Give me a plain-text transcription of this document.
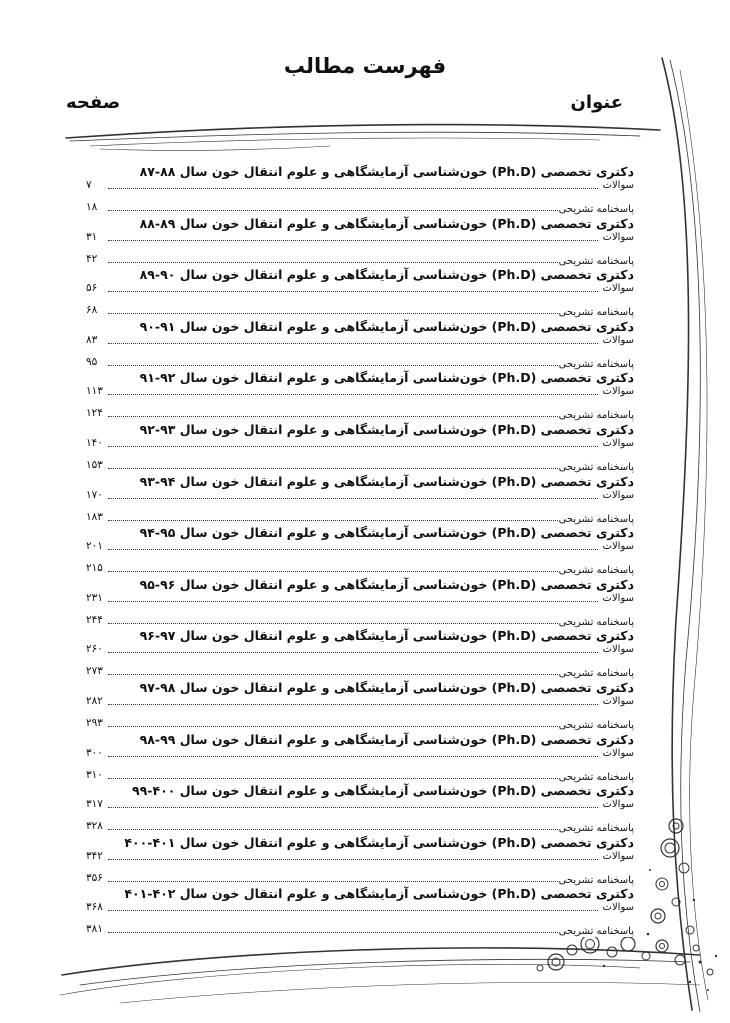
فهرست مطالب
عنوان
صفحه
دکتری تخصصی (Ph.D) خون‌شناسی آزمایشگاهی و علوم انتقال خون سال ۸۸-۸۷
سوالات
۷
پاسخنامه تشریحی
۱۸
دکتری تخصصی (Ph.D) خون‌شناسی آزمایشگاهی و علوم انتقال خون سال ۸۹-۸۸
سوالات
۳۱
پاسخنامه تشریحی
۴۲
دکتری تخصصی (Ph.D) خون‌شناسی آزمایشگاهی و علوم انتقال خون سال ۹۰-۸۹
سوالات
۵۶
پاسخنامه تشریحی
۶۸
دکتری تخصصی (Ph.D) خون‌شناسی آزمایشگاهی و علوم انتقال خون سال ۹۱-۹۰
سوالات
۸۳
پاسخنامه تشریحی
۹۵
دکتری تخصصی (Ph.D) خون‌شناسی آزمایشگاهی و علوم انتقال خون سال ۹۲-۹۱
سوالات
۱۱۳
پاسخنامه تشریحی
۱۲۴
دکتری تخصصی (Ph.D) خون‌شناسی آزمایشگاهی و علوم انتقال خون سال ۹۳-۹۲
سوالات
۱۴۰
پاسخنامه تشریحی
۱۵۳
دکتری تخصصی (Ph.D) خون‌شناسی آزمایشگاهی و علوم انتقال خون سال ۹۴-۹۳
سوالات
۱۷۰
پاسخنامه تشریحی
۱۸۳
دکتری تخصصی (Ph.D) خون‌شناسی آزمایشگاهی و علوم انتقال خون سال ۹۵-۹۴
سوالات
۲۰۱
پاسخنامه تشریحی
۲۱۵
دکتری تخصصی (Ph.D) خون‌شناسی آزمایشگاهی و علوم انتقال خون سال ۹۶-۹۵
سوالات
۲۳۱
پاسخنامه تشریحی
۲۴۴
دکتری تخصصی (Ph.D) خون‌شناسی آزمایشگاهی و علوم انتقال خون سال ۹۷-۹۶
سوالات
۲۶۰
پاسخنامه تشریحی
۲۷۳
دکتری تخصصی (Ph.D) خون‌شناسی آزمایشگاهی و علوم انتقال خون سال ۹۸-۹۷
سوالات
۲۸۲
پاسخنامه تشریحی
۲۹۳
دکتری تخصصی (Ph.D) خون‌شناسی آزمایشگاهی و علوم انتقال خون سال ۹۹-۹۸
سوالات
۳۰۰
پاسخنامه تشریحی
۳۱۰
دکتری تخصصی (Ph.D) خون‌شناسی آزمایشگاهی و علوم انتقال خون سال ۴۰۰-۹۹
سوالات
۳۱۷
پاسخنامه تشریحی
۳۲۸
دکتری تخصصی (Ph.D) خون‌شناسی آزمایشگاهی و علوم انتقال خون سال ۴۰۱-۴۰۰
سوالات
۳۴۲
پاسخنامه تشریحی
۳۵۶
دکتری تخصصی (Ph.D) خون‌شناسی آزمایشگاهی و علوم انتقال خون سال ۴۰۲-۴۰۱
سوالات
۳۶۸
پاسخنامه تشریحی
۳۸۱
